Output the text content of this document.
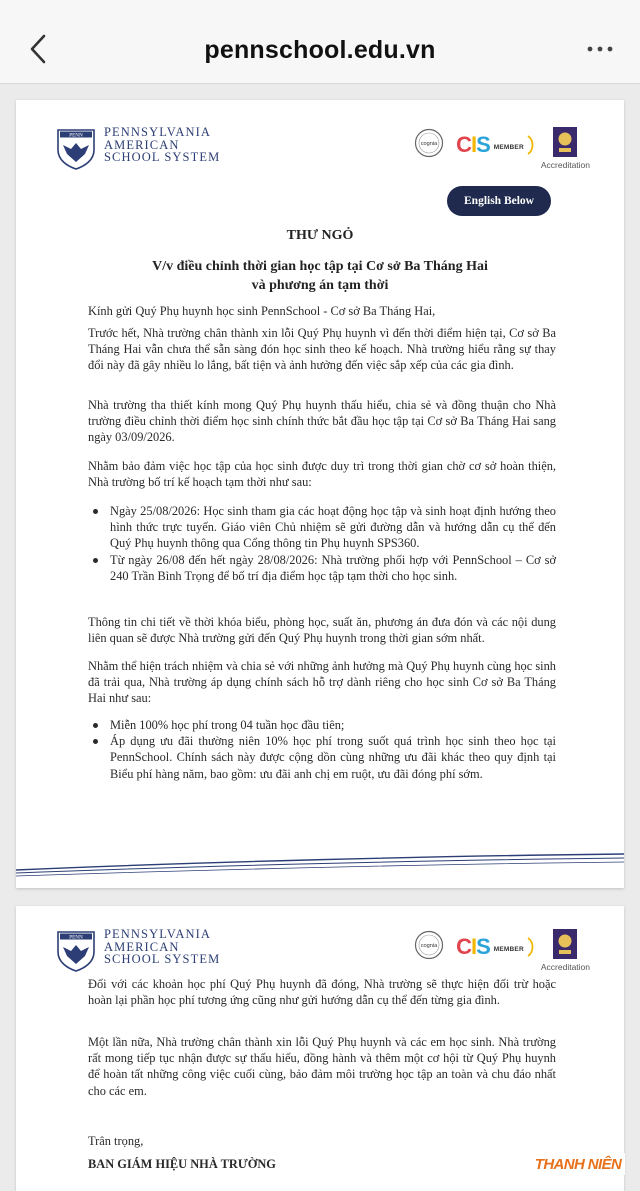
pennschool.edu.vn
PENN PENNSYLVANIA
AMERICAN
SCHOOL SYSTEM
cognia C I S MEMBER
Accreditation
English Below
THƯ NGỎ
V/v điều chỉnh thời gian học tập tại Cơ sở Ba Tháng Hai
và phương án tạm thời
Kính gửi Quý Phụ huynh học sinh PennSchool - Cơ sở Ba Tháng Hai,
Trước hết, Nhà trường chân thành xin lỗi Quý Phụ huynh vì đến thời điểm hiện tại, Cơ sở Ba Tháng Hai vẫn chưa thể sẵn sàng đón học sinh theo kế hoạch. Nhà trường hiểu rằng sự thay đổi này đã gây nhiều lo lắng, bất tiện và ảnh hưởng đến việc sắp xếp của các gia đình.
Nhà trường tha thiết kính mong Quý Phụ huynh thấu hiểu, chia sẻ và đồng thuận cho Nhà trường điều chỉnh thời điểm học sinh chính thức bắt đầu học tập tại Cơ sở Ba Tháng Hai sang ngày 03/09/2026.
Nhằm bảo đảm việc học tập của học sinh được duy trì trong thời gian chờ cơ sở hoàn thiện, Nhà trường bố trí kế hoạch tạm thời như sau:
Ngày 25/08/2026: Học sinh tham gia các hoạt động học tập và sinh hoạt định hướng theo hình thức trực tuyến. Giáo viên Chủ nhiệm sẽ gửi đường dẫn và hướng dẫn cụ thể đến Quý Phụ huynh thông qua Cổng thông tin Phụ huynh SPS360.
Từ ngày 26/08 đến hết ngày 28/08/2026: Nhà trường phối hợp với PennSchool – Cơ sở 240 Trần Bình Trọng để bố trí địa điểm học tập tạm thời cho học sinh.
Thông tin chi tiết về thời khóa biểu, phòng học, suất ăn, phương án đưa đón và các nội dung liên quan sẽ được Nhà trường gửi đến Quý Phụ huynh trong thời gian sớm nhất.
Nhằm thể hiện trách nhiệm và chia sẻ với những ảnh hưởng mà Quý Phụ huynh cùng học sinh đã trải qua, Nhà trường áp dụng chính sách hỗ trợ dành riêng cho học sinh Cơ sở Ba Tháng Hai như sau:
Miễn 100% học phí trong 04 tuần học đầu tiên;
Áp dụng ưu đãi thường niên 10% học phí trong suốt quá trình học sinh theo học tại PennSchool. Chính sách này được cộng dồn cùng những ưu đãi khác theo quy định tại Biểu phí hàng năm, bao gồm: ưu đãi anh chị em ruột, ưu đãi đóng phí sớm.
PENN PENNSYLVANIA
AMERICAN
SCHOOL SYSTEM
cognia C I S MEMBER
Accreditation
Đối với các khoản học phí Quý Phụ huynh đã đóng, Nhà trường sẽ thực hiện đối trừ hoặc hoàn lại phần học phí tương ứng cũng như gửi hướng dẫn cụ thể đến từng gia đình.
Một lần nữa, Nhà trường chân thành xin lỗi Quý Phụ huynh và các em học sinh. Nhà trường rất mong tiếp tục nhận được sự thấu hiểu, đồng hành và thêm một cơ hội từ Quý Phụ huynh để hoàn tất những công việc cuối cùng, bảo đảm môi trường học tập an toàn và chu đáo nhất cho các em.
Trân trọng,
BAN GIÁM HIỆU NHÀ TRƯỜNG	THANH NIÊN
